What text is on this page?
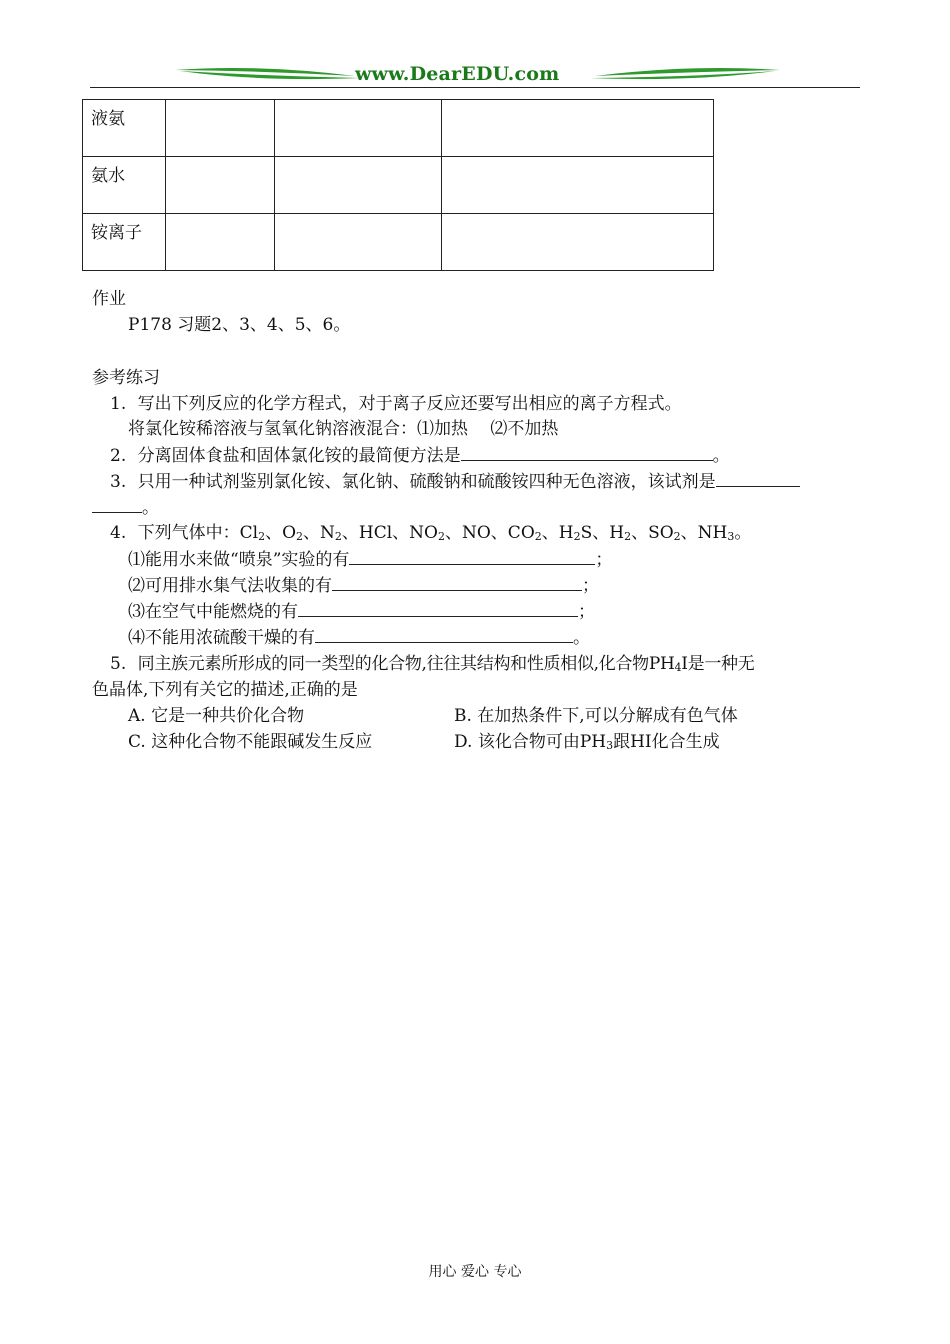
www.DearEDU.com
液氨			
氨水			
铵离子			
作业
P178 习题2、3、4、5、6。
参考练习
1. 写出下列反应的化学方程式，对于离子反应还要写出相应的离子方程式。
将氯化铵稀溶液与氢氧化钠溶液混合：⑴加热　 ⑵不加热
2. 分离固体食盐和固体氯化铵的最简便方法是	。
3. 只用一种试剂鉴别氯化铵、氯化钠、硫酸钠和硫酸铵四种无色溶液，该试剂是
。
4. 下列气体中：$Cl_2$、$O_2$、$N_2$、HCl、$NO_2$、NO、$CO_2$、$H_2S$、$H_2$、$SO_2$、$NH_3$。
⑴能用水来做“喷泉”实验的有	；
⑵可用排水集气法收集的有	；
⑶在空气中能燃烧的有	；
⑷不能用浓硫酸干燥的有	。
5. 同主族元素所形成的同一类型的化合物,往往其结构和性质相似,化合物$PH_4I$是一种无
色晶体,下列有关它的描述,正确的是
A. 它是一种共价化合物	B. 在加热条件下,可以分解成有色气体
C. 这种化合物不能跟碱发生反应	D. 该化合物可由$PH_3$跟HI化合生成
用心 爱心 专心
